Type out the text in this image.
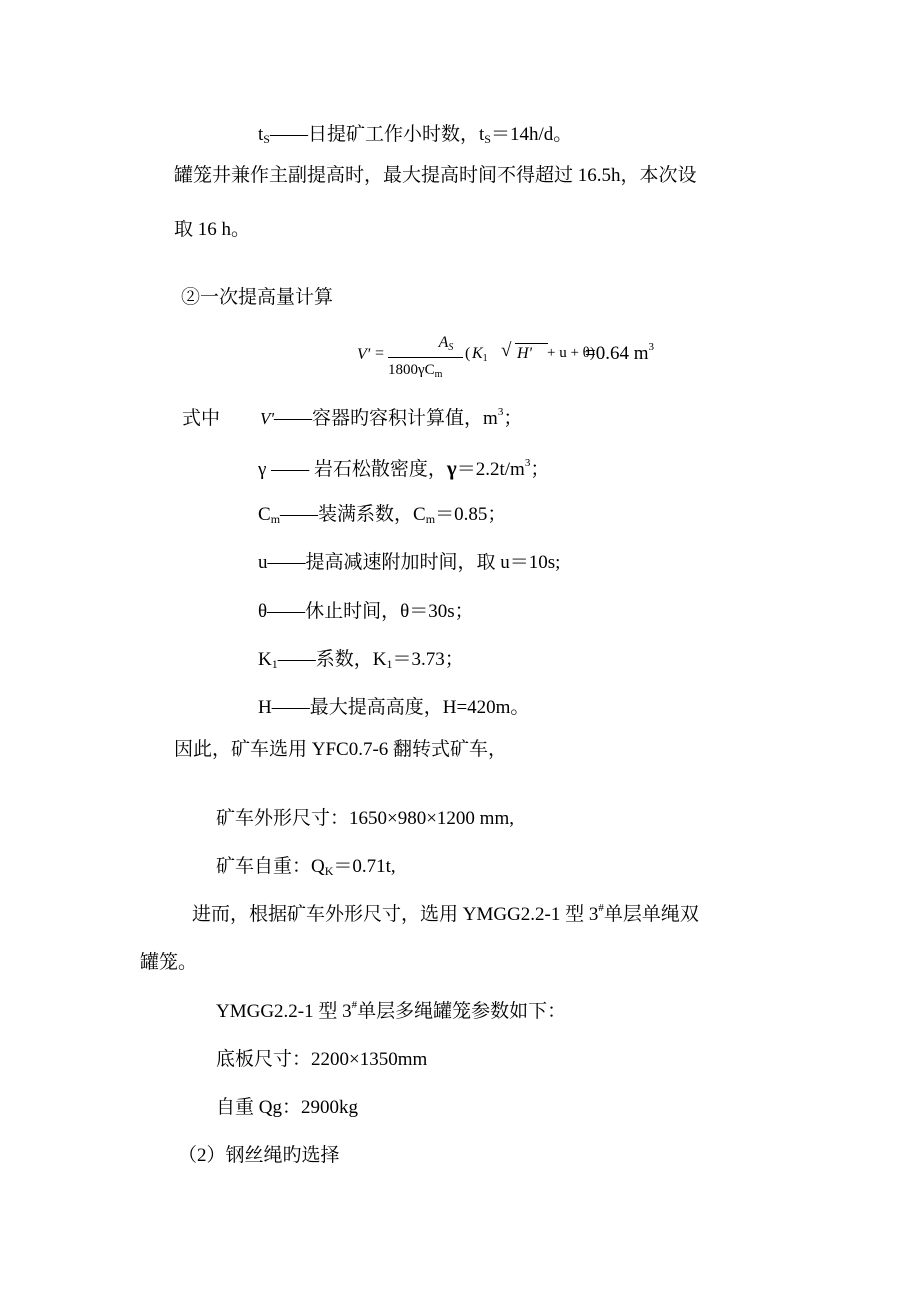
$t_S——$日提矿工作小时数，$t_S=14h/d$。
罐笼井兼作主副提高时，最大提高时间不得超过 16.5h，本次设
取 16 h。
②一次提高量计算
V' =
$A_S$
$1800\gamma C_m$
( $K_1$ √ H' + u + θ)
=0.64 $m^3$
式中 V'——容器旳容积计算值，$m^3$；
γ —— 岩石松散密度，$\gamma=2.2t/m^3$；
$C_m——$装满系数，$C_m=0.85$；
u——提高减速附加时间，取 u＝10s;
θ——休止时间，θ＝30s；
$K_1——$系数，$K_1=3.73$；
H——最大提高高度，H=420m。
因此，矿车选用 YFC0.7-6 翻转式矿车，
矿车外形尺寸：1650×980×1200 mm,
矿车自重：$Q_K=0.71t$,
进而，根据矿车外形尺寸，选用 YMGG2.2-1 型 3#单层单绳双
罐笼。
YMGG2.2-1 型 3#单层多绳罐笼参数如下：
底板尺寸：2200×1350mm
自重 Qg：2900kg
（2）钢丝绳旳选择
